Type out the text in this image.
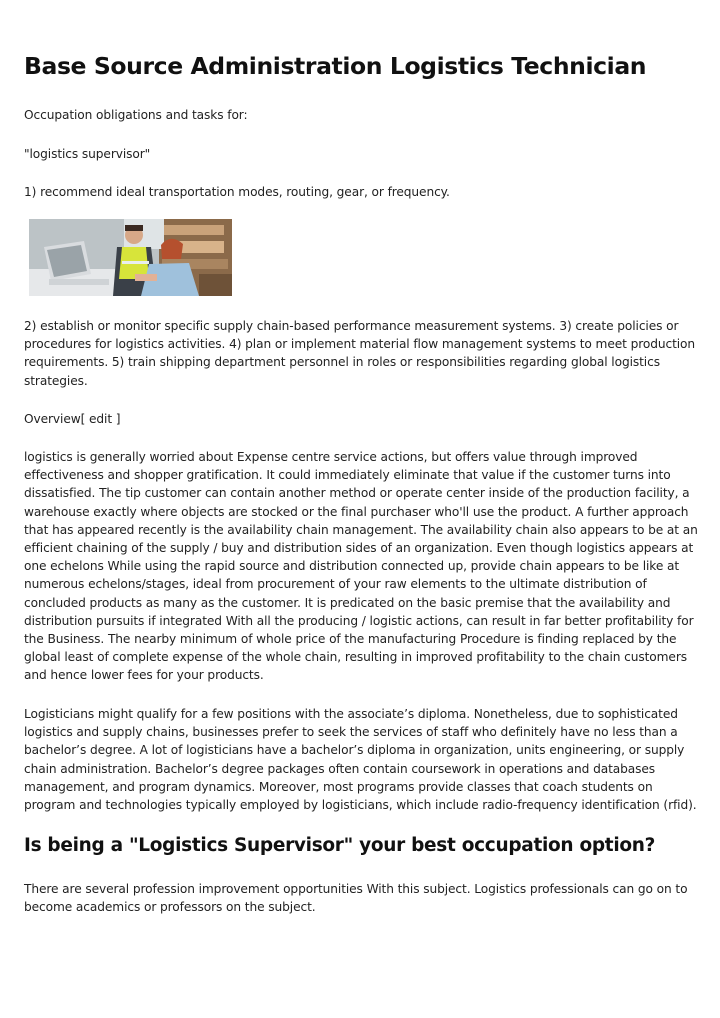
Base Source Administration Logistics Technician

Occupation obligations and tasks for:

"logistics supervisor"

1) recommend ideal transportation modes, routing, gear, or frequency.

2) establish or monitor specific supply chain-based performance measurement systems. 3) create policies or procedures for logistics activities. 4) plan or implement material flow management systems to meet production requirements. 5) train shipping department personnel in roles or responsibilities regarding global logistics strategies.

Overview[ edit ]

logistics is generally worried about Expense centre service actions, but offers value through improved effectiveness and shopper gratification. It could immediately eliminate that value if the customer turns into dissatisfied. The tip customer can contain another method or operate center inside of the production facility, a warehouse exactly where objects are stocked or the final purchaser who'll use the product. A further approach that has appeared recently is the availability chain management. The availability chain also appears to be at an efficient chaining of the supply / buy and distribution sides of an organization. Even though logistics appears at one echelons While using the rapid source and distribution connected up, provide chain appears to be like at numerous echelons/stages, ideal from procurement of your raw elements to the ultimate distribution of concluded products as many as the customer. It is predicated on the basic premise that the availability and distribution pursuits if integrated With all the producing / logistic actions, can result in far better profitability for the Business. The nearby minimum of whole price of the manufacturing Procedure is finding replaced by the global least of complete expense of the whole chain, resulting in improved profitability to the chain customers and hence lower fees for your products.

Logisticians might qualify for a few positions with the associate’s diploma. Nonetheless, due to sophisticated logistics and supply chains, businesses prefer to seek the services of staff who definitely have no less than a bachelor’s degree. A lot of logisticians have a bachelor’s diploma in organization, units engineering, or supply chain administration. Bachelor’s degree packages often contain coursework in operations and databases management, and program dynamics. Moreover, most programs provide classes that coach students on program and technologies typically employed by logisticians, which include radio-frequency identification (rfid).

Is being a "Logistics Supervisor" your best occupation option?

There are several profession improvement opportunities With this subject. Logistics professionals can go on to become academics or professors on the subject.
